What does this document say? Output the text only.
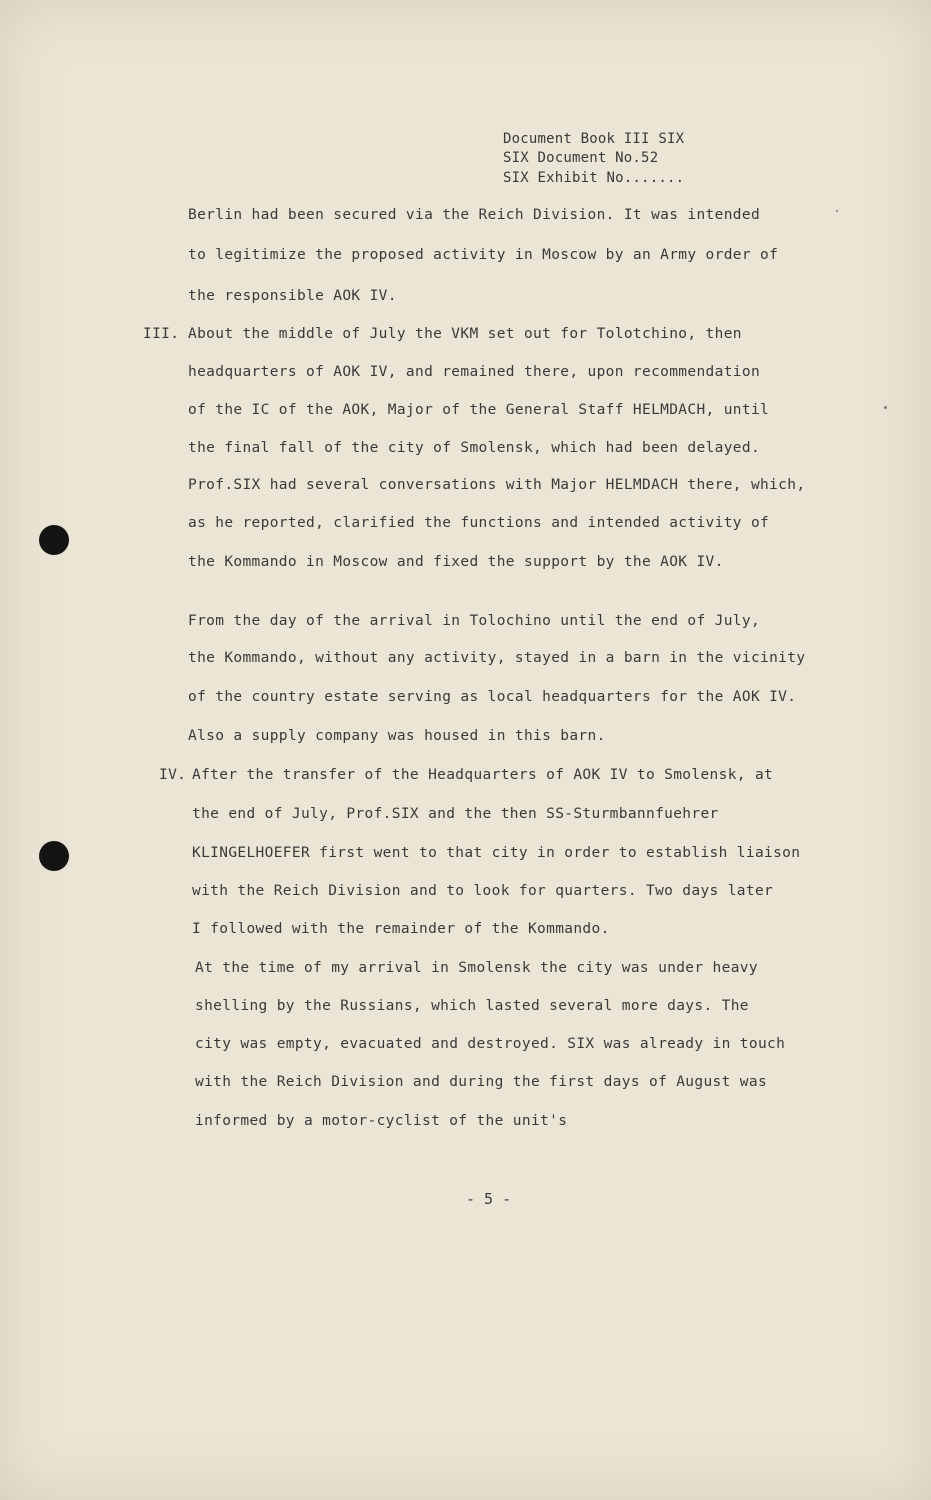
Document Book III SIX
SIX Document No.52
SIX Exhibit No.......
Berlin had been secured via the Reich Division. It was intended
to legitimize the proposed activity in Moscow by an Army order of
the responsible AOK IV.
III. About the middle of July the VKM set out for Tolotchino, then
headquarters of AOK IV, and remained there, upon recommendation
of the IC of the AOK, Major of the General Staff HELMDACH, until
the final fall of the city of Smolensk, which had been delayed.
Prof.SIX had several conversations with Major HELMDACH there, which,
as he reported, clarified the functions and intended activity of
the Kommando in Moscow and fixed the support by the AOK IV.
From the day of the arrival in Tolochino until the end of July,
the Kommando, without any activity, stayed in a barn in the vicinity
of the country estate serving as local headquarters for the AOK IV.
Also a supply company was housed in this barn.
IV. After the transfer of the Headquarters of AOK IV to Smolensk, at
the end of July, Prof.SIX and the then SS-Sturmbannfuehrer
KLINGELHOEFER first went to that city in order to establish liaison
with the Reich Division and to look for quarters. Two days later
I followed with the remainder of the Kommando.
At the time of my arrival in Smolensk the city was under heavy
shelling by the Russians, which lasted several more days. The
city was empty, evacuated and destroyed. SIX was already in touch
with the Reich Division and during the first days of August was
informed by a motor-cyclist of the unit's
- 5 -
